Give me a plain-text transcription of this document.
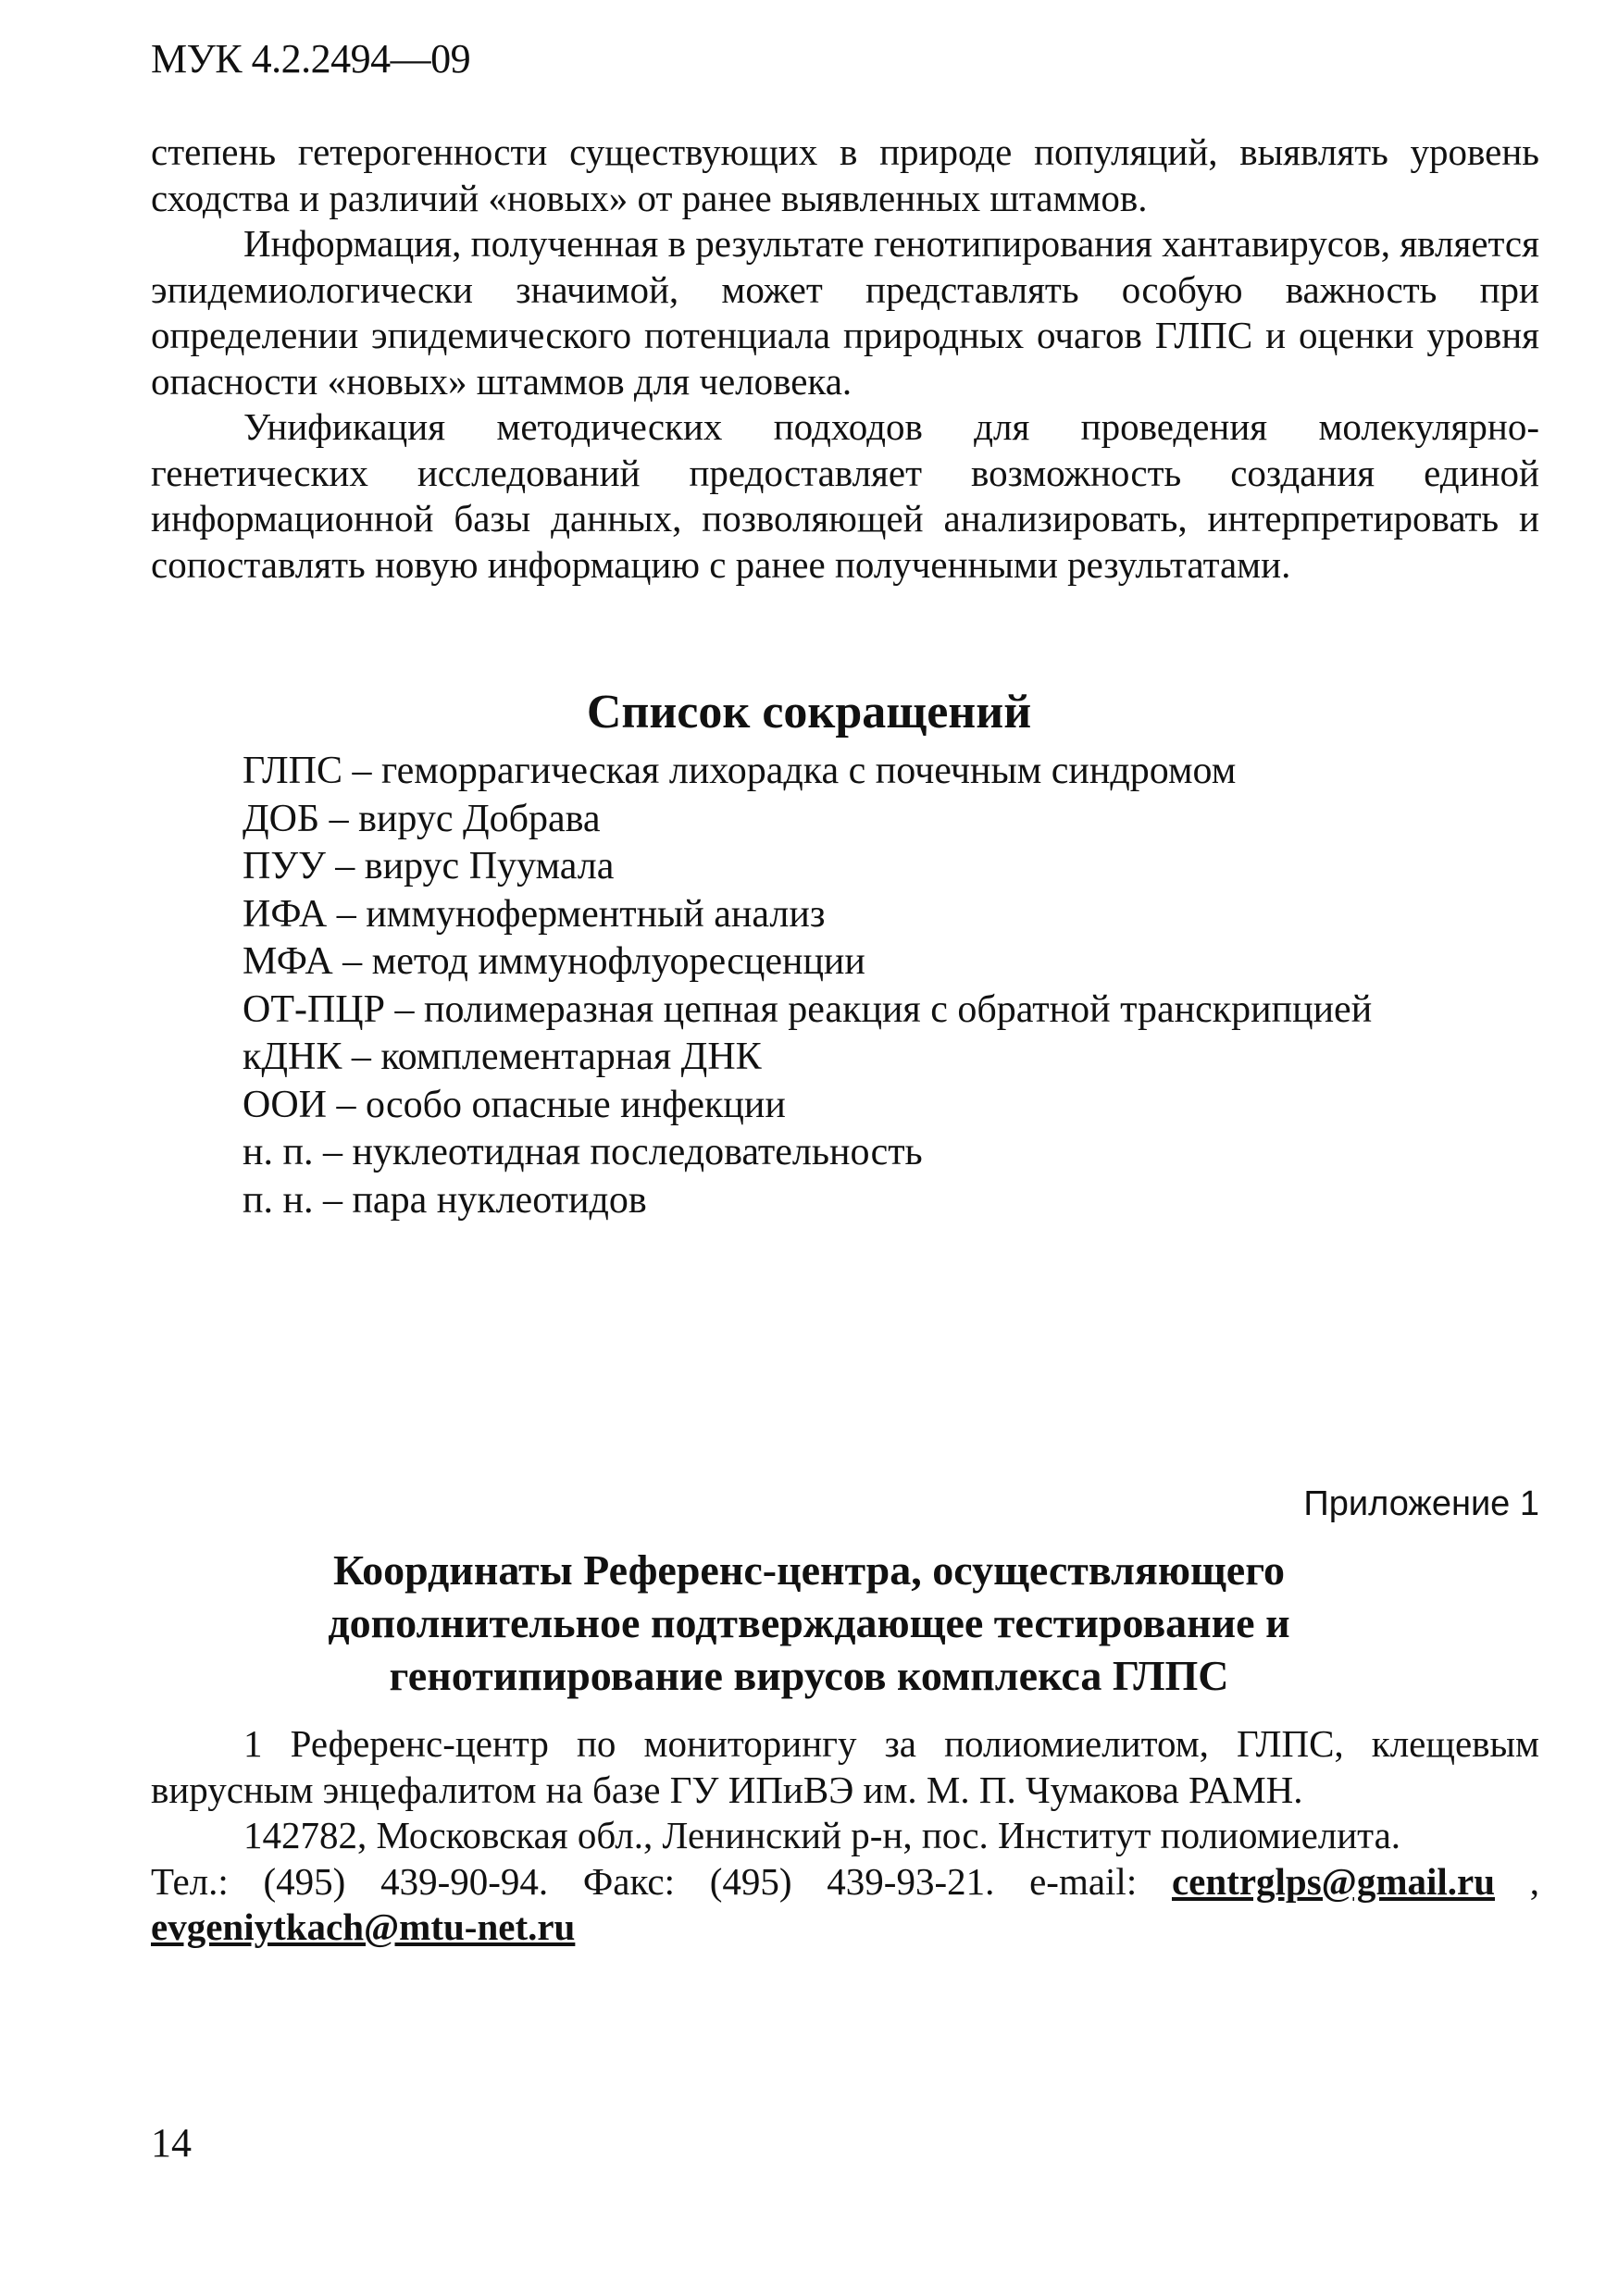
МУК 4.2.2494—09

степень гетерогенности существующих в природе популяций, выявлять уровень сходства и различий «новых» от ранее выявленных штаммов.

Информация, полученная в результате генотипирования хантавирусов, является эпидемиологически значимой, может представлять особую важность при определении эпидемического потенциала природных очагов ГЛПС и оценки уровня опасности «новых» штаммов для человека.

Унификация методических подходов для проведения молекулярно-генетических исследований предоставляет возможность создания единой информационной базы данных, позволяющей анализировать, интерпретировать и сопоставлять новую информацию с ранее полученными результатами.

Список сокращений
ГЛПС – геморрагическая лихорадка с почечным синдромом
ДОБ – вирус Добрава
ПУУ – вирус Пуумала
ИФА – иммуноферментный анализ
МФА – метод иммунофлуоресценции
ОТ-ПЦР – полимеразная цепная реакция с обратной транскрипцией
кДНК – комплементарная ДНК
ООИ – особо опасные инфекции
н. п. – нуклеотидная последовательность
п. н. – пара нуклеотидов
Приложение 1
Координаты Референс-центра, осуществляющего
дополнительное подтверждающее тестирование и
генотипирование вирусов комплекса ГЛПС

1 Референс-центр по мониторингу за полиомиелитом, ГЛПС, клещевым вирусным энцефалитом на базе ГУ ИПиВЭ им. М. П. Чумакова РАМН.

142782, Московская обл., Ленинский р-н, пос. Институт полиомиелита.

Тел.: (495) 439-90-94. Факс: (495) 439-93-21. e-mail: centrglps@gmail.ru , evgeniytkach@mtu-net.ru

14
